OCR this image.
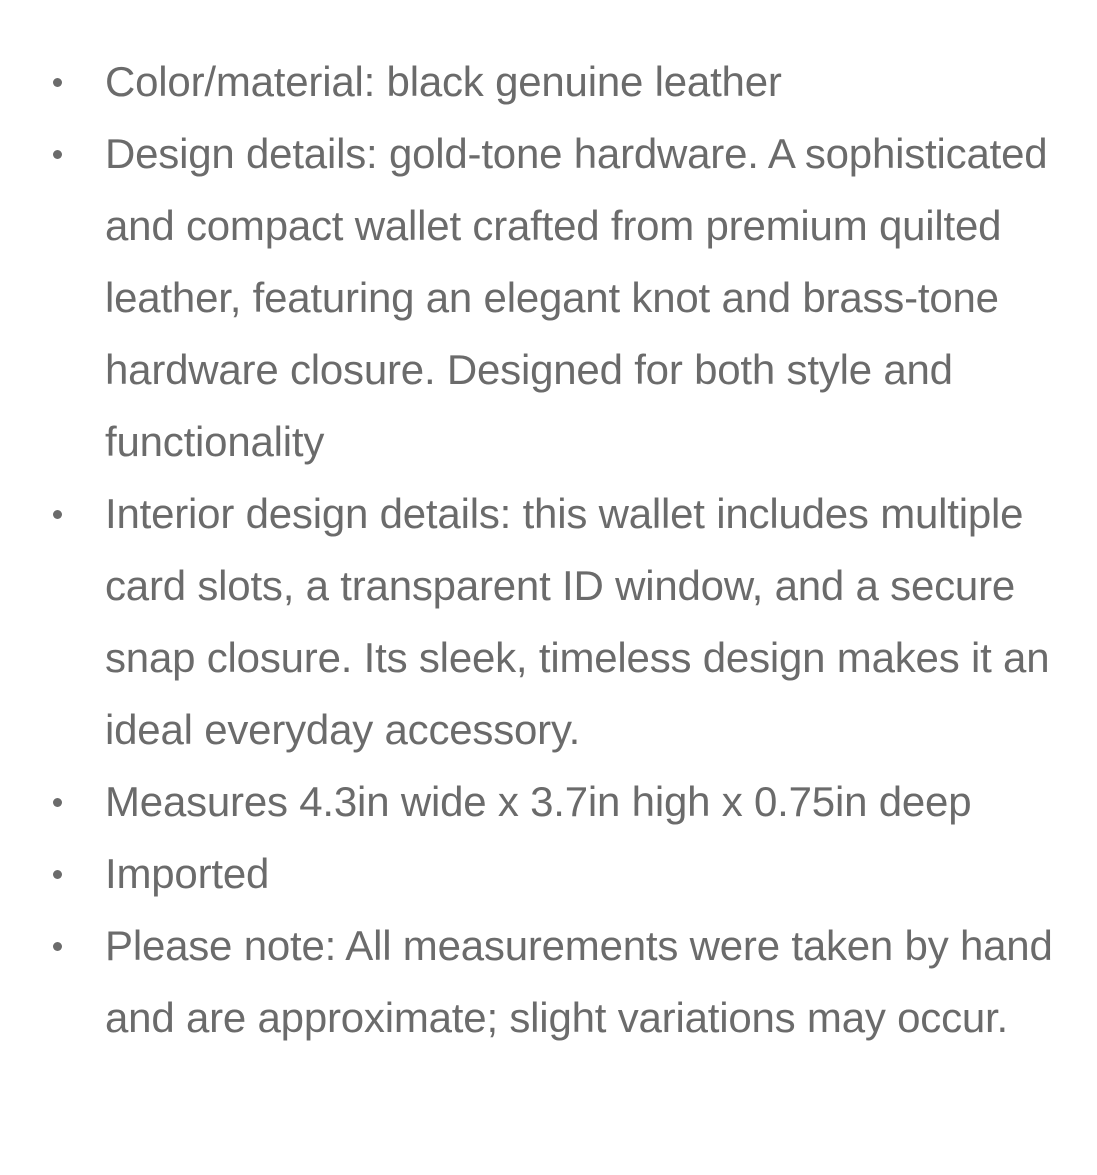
Color/material: black genuine leather
Design details: gold-tone hardware. A sophisticated and compact wallet crafted from premium quilted leather, featuring an elegant knot and brass-tone hardware closure. Designed for both style and functionality
Interior design details: this wallet includes multiple card slots, a transparent ID window, and a secure snap closure. Its sleek, timeless design makes it an ideal everyday accessory.
Measures 4.3in wide x 3.7in high x 0.75in deep
Imported
Please note: All measurements were taken by hand and are approximate; slight variations may occur.
